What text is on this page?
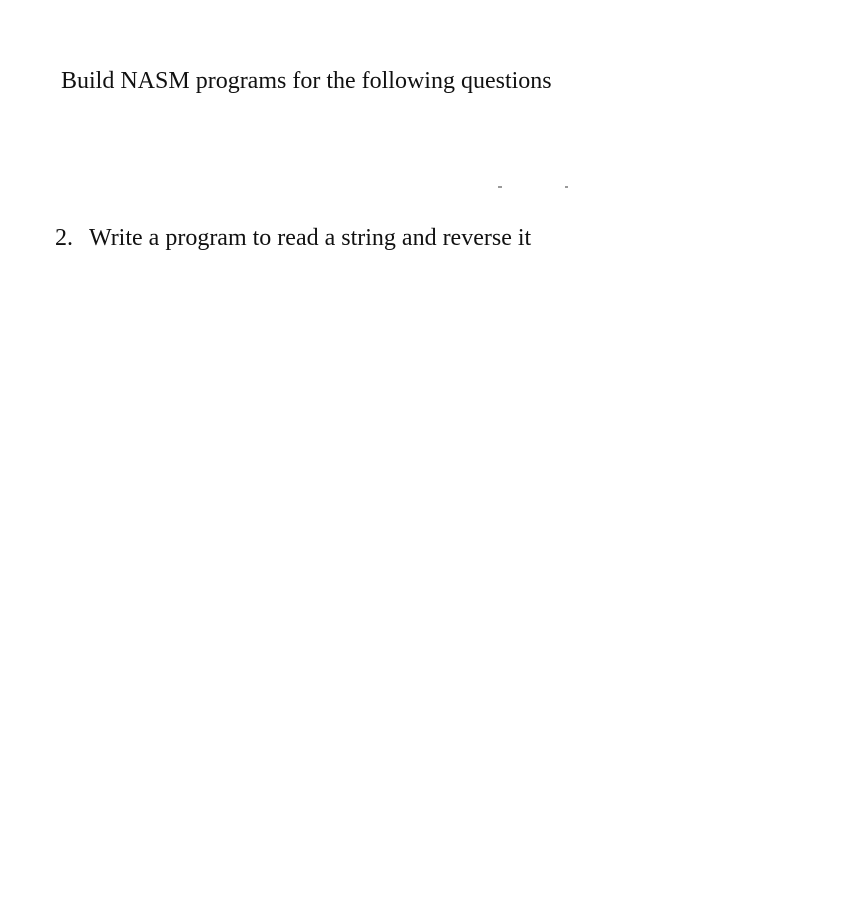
Build NASM programs for the following questions

2. Write a program to read a string and reverse it
